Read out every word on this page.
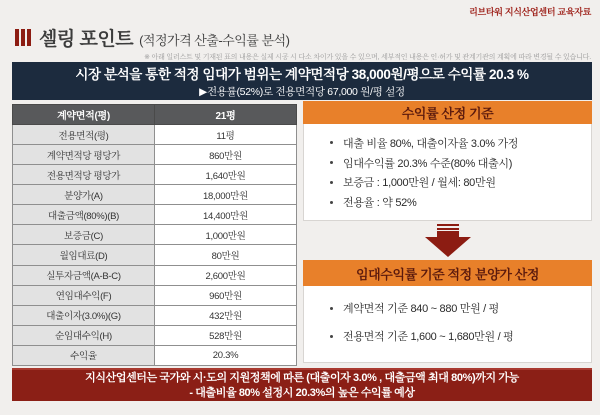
리브타워 지식산업센터 교육자료
셀링 포인트 (적정가격 산출-수익률 분석)
※ 아래 일러스트 및 기재된 표의 내용은 실제 시공 시 다소 차이가 있을 수 있으며, 세부적인 내용은 인·허가 및 관계기관의 계획에 따라 변경될 수 있습니다.
시장 분석을 통한 적정 임대가 범위는 계약면적당 38,000원/평으로 수익률 20.3 %
▶전용률(52%)로 전용면적당 67,000 원/평 설정
계약면적(평)	21평
전용면적(평)	11평
계약면적당 평당가	860만원
전용면적당 평당가	1,640만원
분양가(A)	18,000만원
대출금액(80%)(B)	14,400만원
보증금(C)	1,000만원
월임대료(D)	80만원
실투자금액(A-B-C)	2,600만원
연임대수익(F)	960만원
대출이자(3.0%)(G)	432만원
순임대수익(H)	528만원
수익율	20.3%
수익률 산정 기준
대출 비율 80%, 대출이자율 3.0% 가정
임대수익률 20.3% 수준(80% 대출시)
보증금 : 1,000만원 / 월세: 80만원
전용율 : 약 52%
임대수익률 기준 적정 분양가 산정
계약면적 기준 840 ~ 880 만원 / 평
전용면적 기준 1,600 ~ 1,680만원 / 평
지식산업센터는 국가와 시·도의 지원정책에 따른 (대출이자 3.0% , 대출금액 최대 80%)까지 가능
- 대출비율 80% 설정시 20.3%의 높은 수익률 예상
